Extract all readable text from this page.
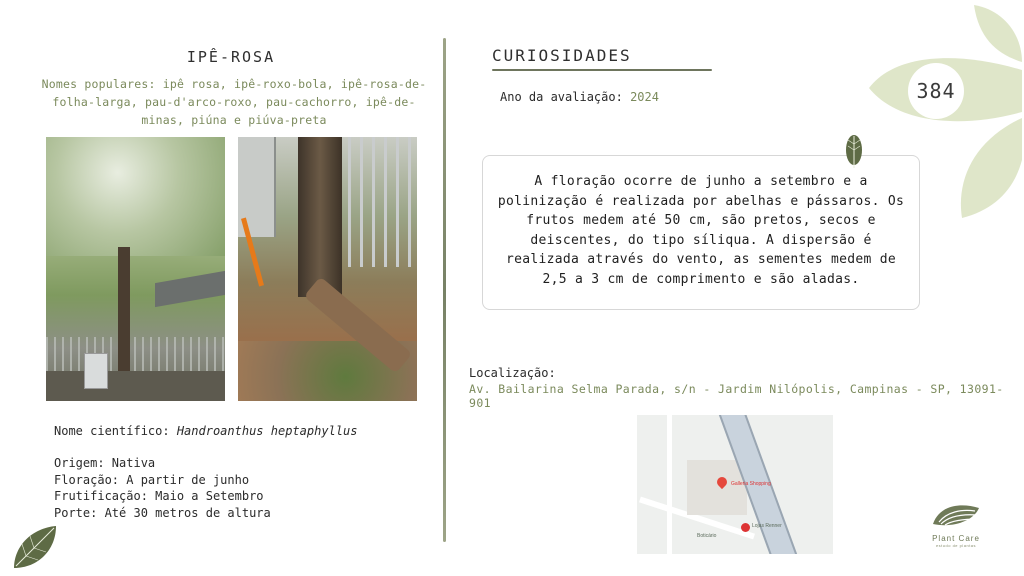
IPÊ-ROSA
Nomes populares: ipê rosa, ipê-roxo-bola, ipê-rosa-de-folha-larga, pau-d'arco-roxo, pau-cachorro, ipê-de-minas, piúna e piúva-preta
Nome científico: Handroanthus heptaphyllus
Origem: Nativa
Floração: A partir de junho
Frutificação: Maio a Setembro
Porte: Até 30 metros de altura
CURIOSIDADES
Ano da avaliação: 2024
A floração ocorre de junho a setembro e a polinização é realizada por abelhas e pássaros. Os frutos medem até 50 cm, são pretos, secos e deiscentes, do tipo síliqua. A dispersão é realizada através do vento, as sementes medem de 2,5 a 3 cm de comprimento e são aladas.
Localização:
Av. Bailarina Selma Parada, s/n - Jardim Nilópolis, Campinas - SP, 13091-901
Galleria Shopping
Lojas Renner
Boticário
384
Plant Care
estudo de plantas
